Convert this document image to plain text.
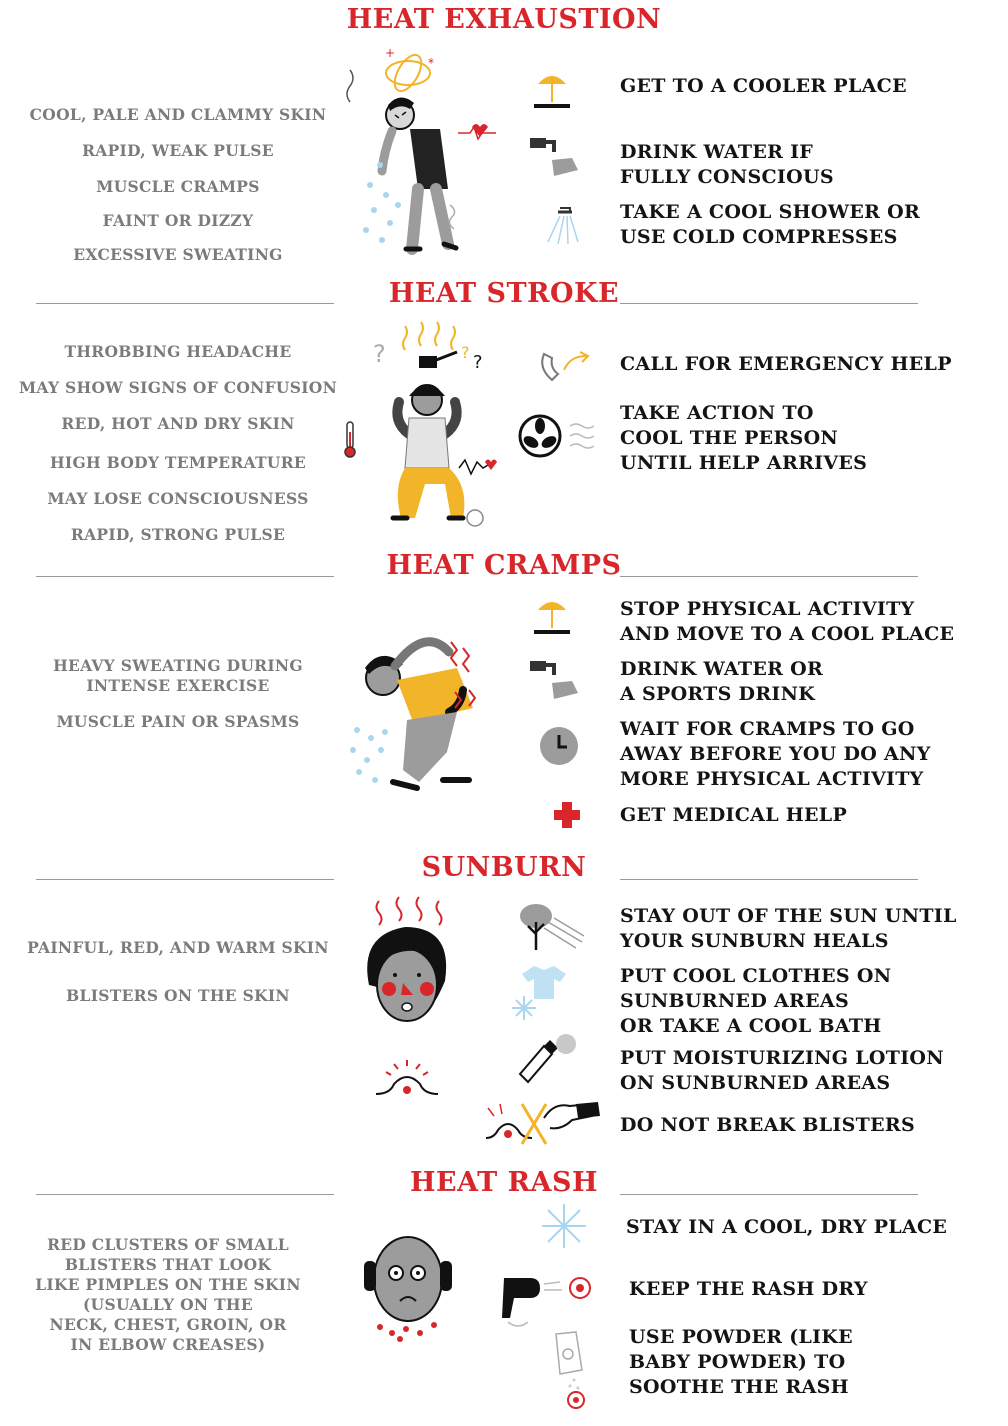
HEAT EXHAUSTION
COOL, PALE AND CLAMMY SKIN
RAPID, WEAK PULSE
MUSCLE CRAMPS
FAINT OR DIZZY
EXCESSIVE SWEATING
+
*
GET TO A COOLER PLACE
DRINK WATER IF
FULLY CONSCIOUS
TAKE A COOL SHOWER OR
USE COLD COMPRESSES
HEAT STROKE
THROBBING HEADACHE
MAY SHOW SIGNS OF CONFUSION
RED, HOT AND DRY SKIN
HIGH BODY TEMPERATURE
MAY LOSE CONSCIOUSNESS
RAPID, STRONG PULSE
?	? ?	CALL FOR EMERGENCY HELP
TAKE ACTION TO
COOL THE PERSON
UNTIL HELP ARRIVES
HEAT CRAMPS
HEAVY SWEATING DURING
INTENSE EXERCISE
MUSCLE PAIN OR SPASMS
STOP PHYSICAL ACTIVITY
AND MOVE TO A COOL PLACE
DRINK WATER OR
A SPORTS DRINK
WAIT FOR CRAMPS TO GO
AWAY BEFORE YOU DO ANY
MORE PHYSICAL ACTIVITY
GET MEDICAL HELP
SUNBURN
PAINFUL, RED, AND WARM SKIN
BLISTERS ON THE SKIN
STAY OUT OF THE SUN UNTIL
YOUR SUNBURN HEALS
PUT COOL CLOTHES ON
SUNBURNED AREAS
OR TAKE A COOL BATH
PUT MOISTURIZING LOTION
ON SUNBURNED AREAS
DO NOT BREAK BLISTERS
HEAT RASH
RED CLUSTERS OF SMALL
BLISTERS THAT LOOK
LIKE PIMPLES ON THE SKIN
(USUALLY ON THE
NECK, CHEST, GROIN, OR
IN ELBOW CREASES)
STAY IN A COOL, DRY PLACE
KEEP THE RASH DRY
USE POWDER (LIKE
BABY POWDER) TO
SOOTHE THE RASH
